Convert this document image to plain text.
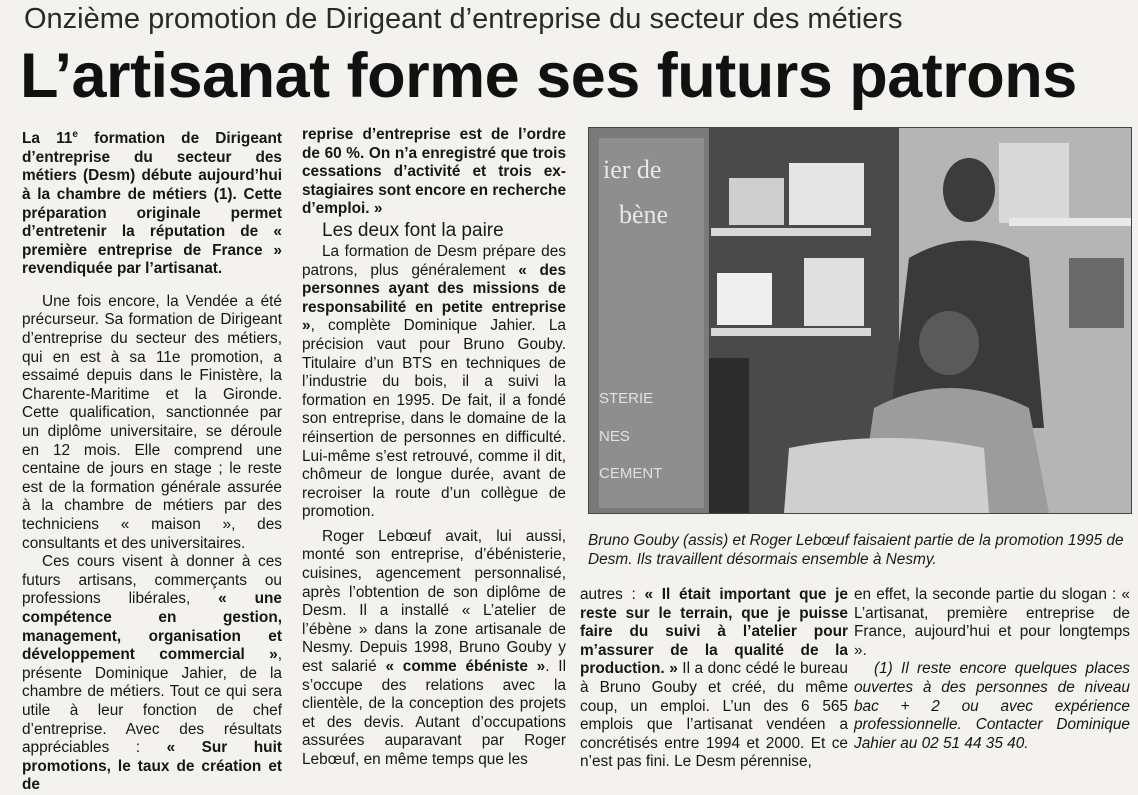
Onzième promotion de Dirigeant d’entreprise du secteur des métiers
L’artisanat forme ses futurs patrons

La 11e formation de Dirigeant d’entreprise du secteur des métiers (Desm) débute aujourd’hui à la chambre de métiers (1). Cette préparation originale permet d’entretenir la réputation de « première entreprise de France » revendiquée par l’artisanat.

Une fois encore, la Vendée a été précurseur. Sa formation de Dirigeant d’entreprise du secteur des métiers, qui en est à sa 11e promotion, a essaimé depuis dans le Finistère, la Charente-Maritime et la Gironde. Cette qualification, sanctionnée par un diplôme universitaire, se déroule en 12 mois. Elle comprend une centaine de jours en stage ; le reste est de la formation générale assurée à la chambre de métiers par des techniciens « maison », des consultants et des universitaires.

Ces cours visent à donner à ces futurs artisans, commerçants ou professions libérales, « une compétence en gestion, management, organisation et développement commercial », présente Dominique Jahier, de la chambre de métiers. Tout ce qui sera utile à leur fonction de chef d’entreprise. Avec des résultats appréciables : « Sur huit promotions, le taux de création et de

reprise d’entreprise est de l’ordre de 60 %. On n’a enregistré que trois cessations d’activité et trois ex-stagiaires sont encore en recherche d’emploi. »

Les deux font la paire

La formation de Desm prépare des patrons, plus généralement « des personnes ayant des missions de responsabilité en petite entreprise », complète Dominique Jahier. La précision vaut pour Bruno Gouby. Titulaire d’un BTS en techniques de l’industrie du bois, il a suivi la formation en 1995. De fait, il a fondé son entreprise, dans le domaine de la réinsertion de personnes en difficulté. Lui-même s’est retrouvé, comme il dit, chômeur de longue durée, avant de recroiser la route d’un collègue de promotion.

Roger Lebœuf avait, lui aussi, monté son entreprise, d’ébénisterie, cuisines, agencement personnalisé, après l’obtention de son diplôme de Desm. Il a installé « L’atelier de l’ébène » dans la zone artisanale de Nesmy. Depuis 1998, Bruno Gouby y est salarié « comme ébéniste ». Il s’occupe des relations avec la clientèle, de la conception des projets et des devis. Autant d’occupations assurées auparavant par Roger Lebœuf, en même temps que les

ier de
bène
STERIE
NES
CEMENT
Bruno Gouby (assis) et Roger Lebœuf faisaient partie de la promotion 1995 de Desm. Ils travaillent désormais ensemble à Nesmy.

autres : « Il était important que je reste sur le terrain, que je puisse faire du suivi à l’atelier pour m’assurer de la qualité de la production. » Il a donc cédé le bureau à Bruno Gouby et créé, du même coup, un emploi. L’un des 6 565 emplois que l’artisanat vendéen a concrétisés entre 1994 et 2000. Et ce n’est pas fini. Le Desm pérennise,

en effet, la seconde partie du slogan : « L’artisanat, première entreprise de France, aujourd’hui et pour longtemps ».

(1) Il reste encore quelques places ouvertes à des personnes de niveau bac + 2 ou avec expérience professionnelle. Contacter Dominique Jahier au 02 51 44 35 40.
